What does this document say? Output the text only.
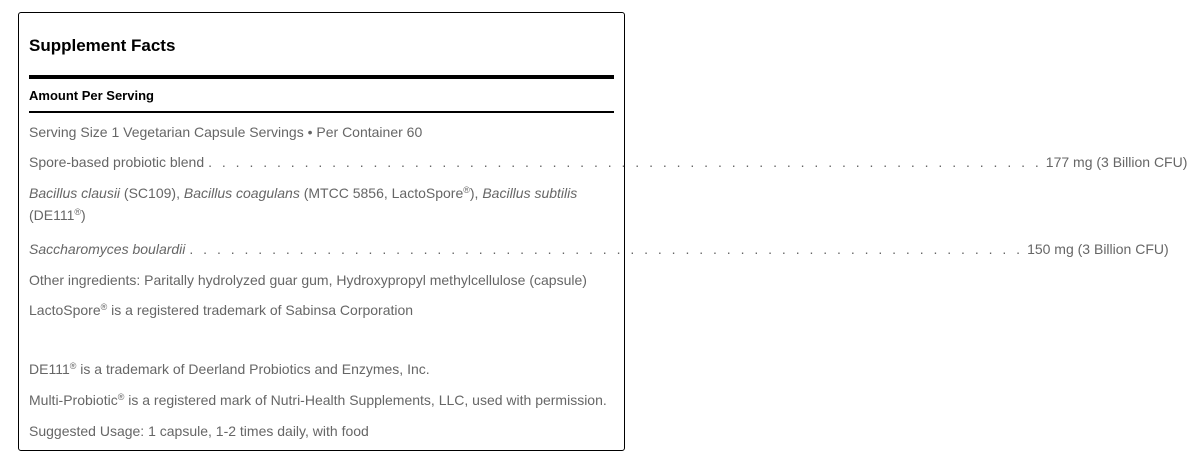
Supplement Facts
Amount Per Serving
Serving Size 1 Vegetarian Capsule Servings • Per Container 60
Spore-based probiotic blend . . . . . . . . . . . . . . . . . . . . . . . . . . . . . . . . . . . . . . . . . . . . . . . . . . . . . . . . . . . . . 177 mg (3 Billion CFU)
Bacillus clausii (SC109), Bacillus coagulans (MTCC 5856, LactoSpore®), Bacillus subtilis
(DE111®)
Saccharomyces boulardii . . . . . . . . . . . . . . . . . . . . . . . . . . . . . . . . . . . . . . . . . . . . . . . . . . . . . . . . . . . . . 150 mg (3 Billion CFU)
Other ingredients: Paritally hydrolyzed guar gum, Hydroxypropyl methylcellulose (capsule)
LactoSpore® is a registered trademark of Sabinsa Corporation
DE111® is a trademark of Deerland Probiotics and Enzymes, Inc.
Multi-Probiotic® is a registered mark of Nutri-Health Supplements, LLC, used with permission.
Suggested Usage: 1 capsule, 1-2 times daily, with food
